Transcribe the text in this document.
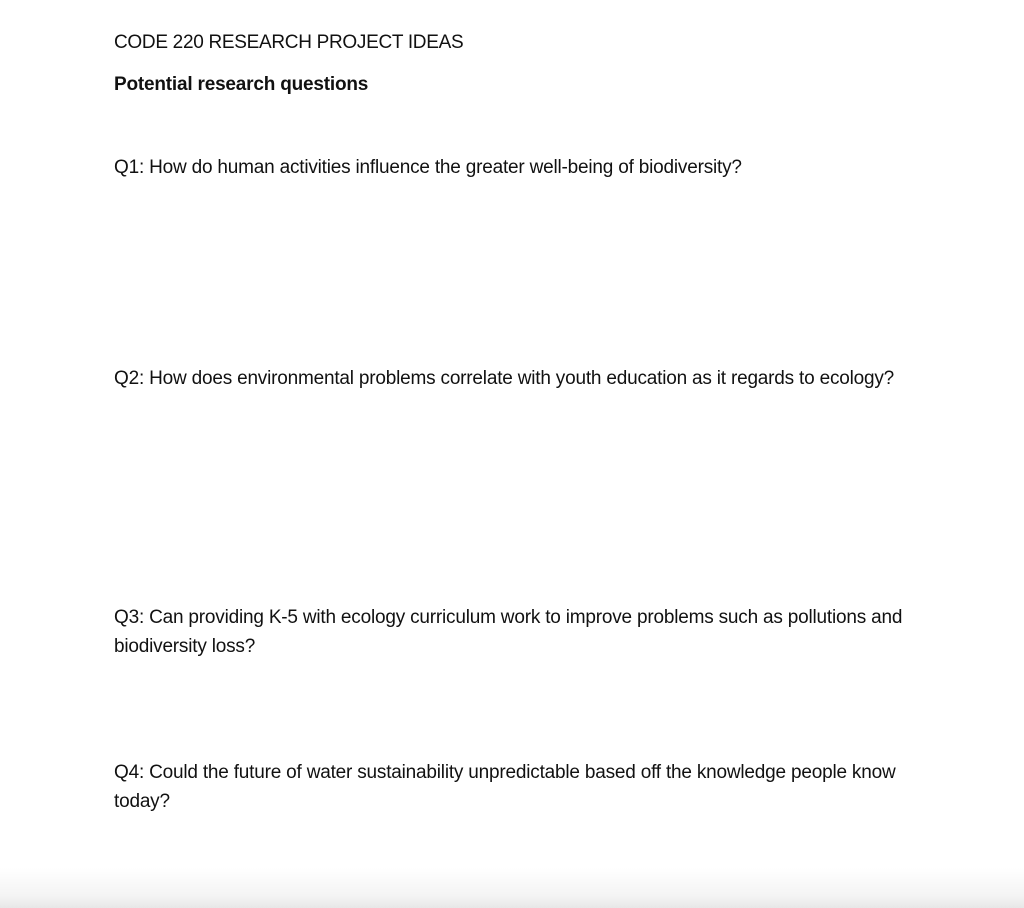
CODE 220 RESEARCH PROJECT IDEAS
Potential research questions

Q1: How do human activities influence the greater well-being of biodiversity?

Q2: How does environmental problems correlate with youth education as it regards to ecology?

Q3: Can providing K-5 with ecology curriculum work to improve problems such as pollutions and biodiversity loss?

Q4: Could the future of water sustainability unpredictable based off the knowledge people know today?
